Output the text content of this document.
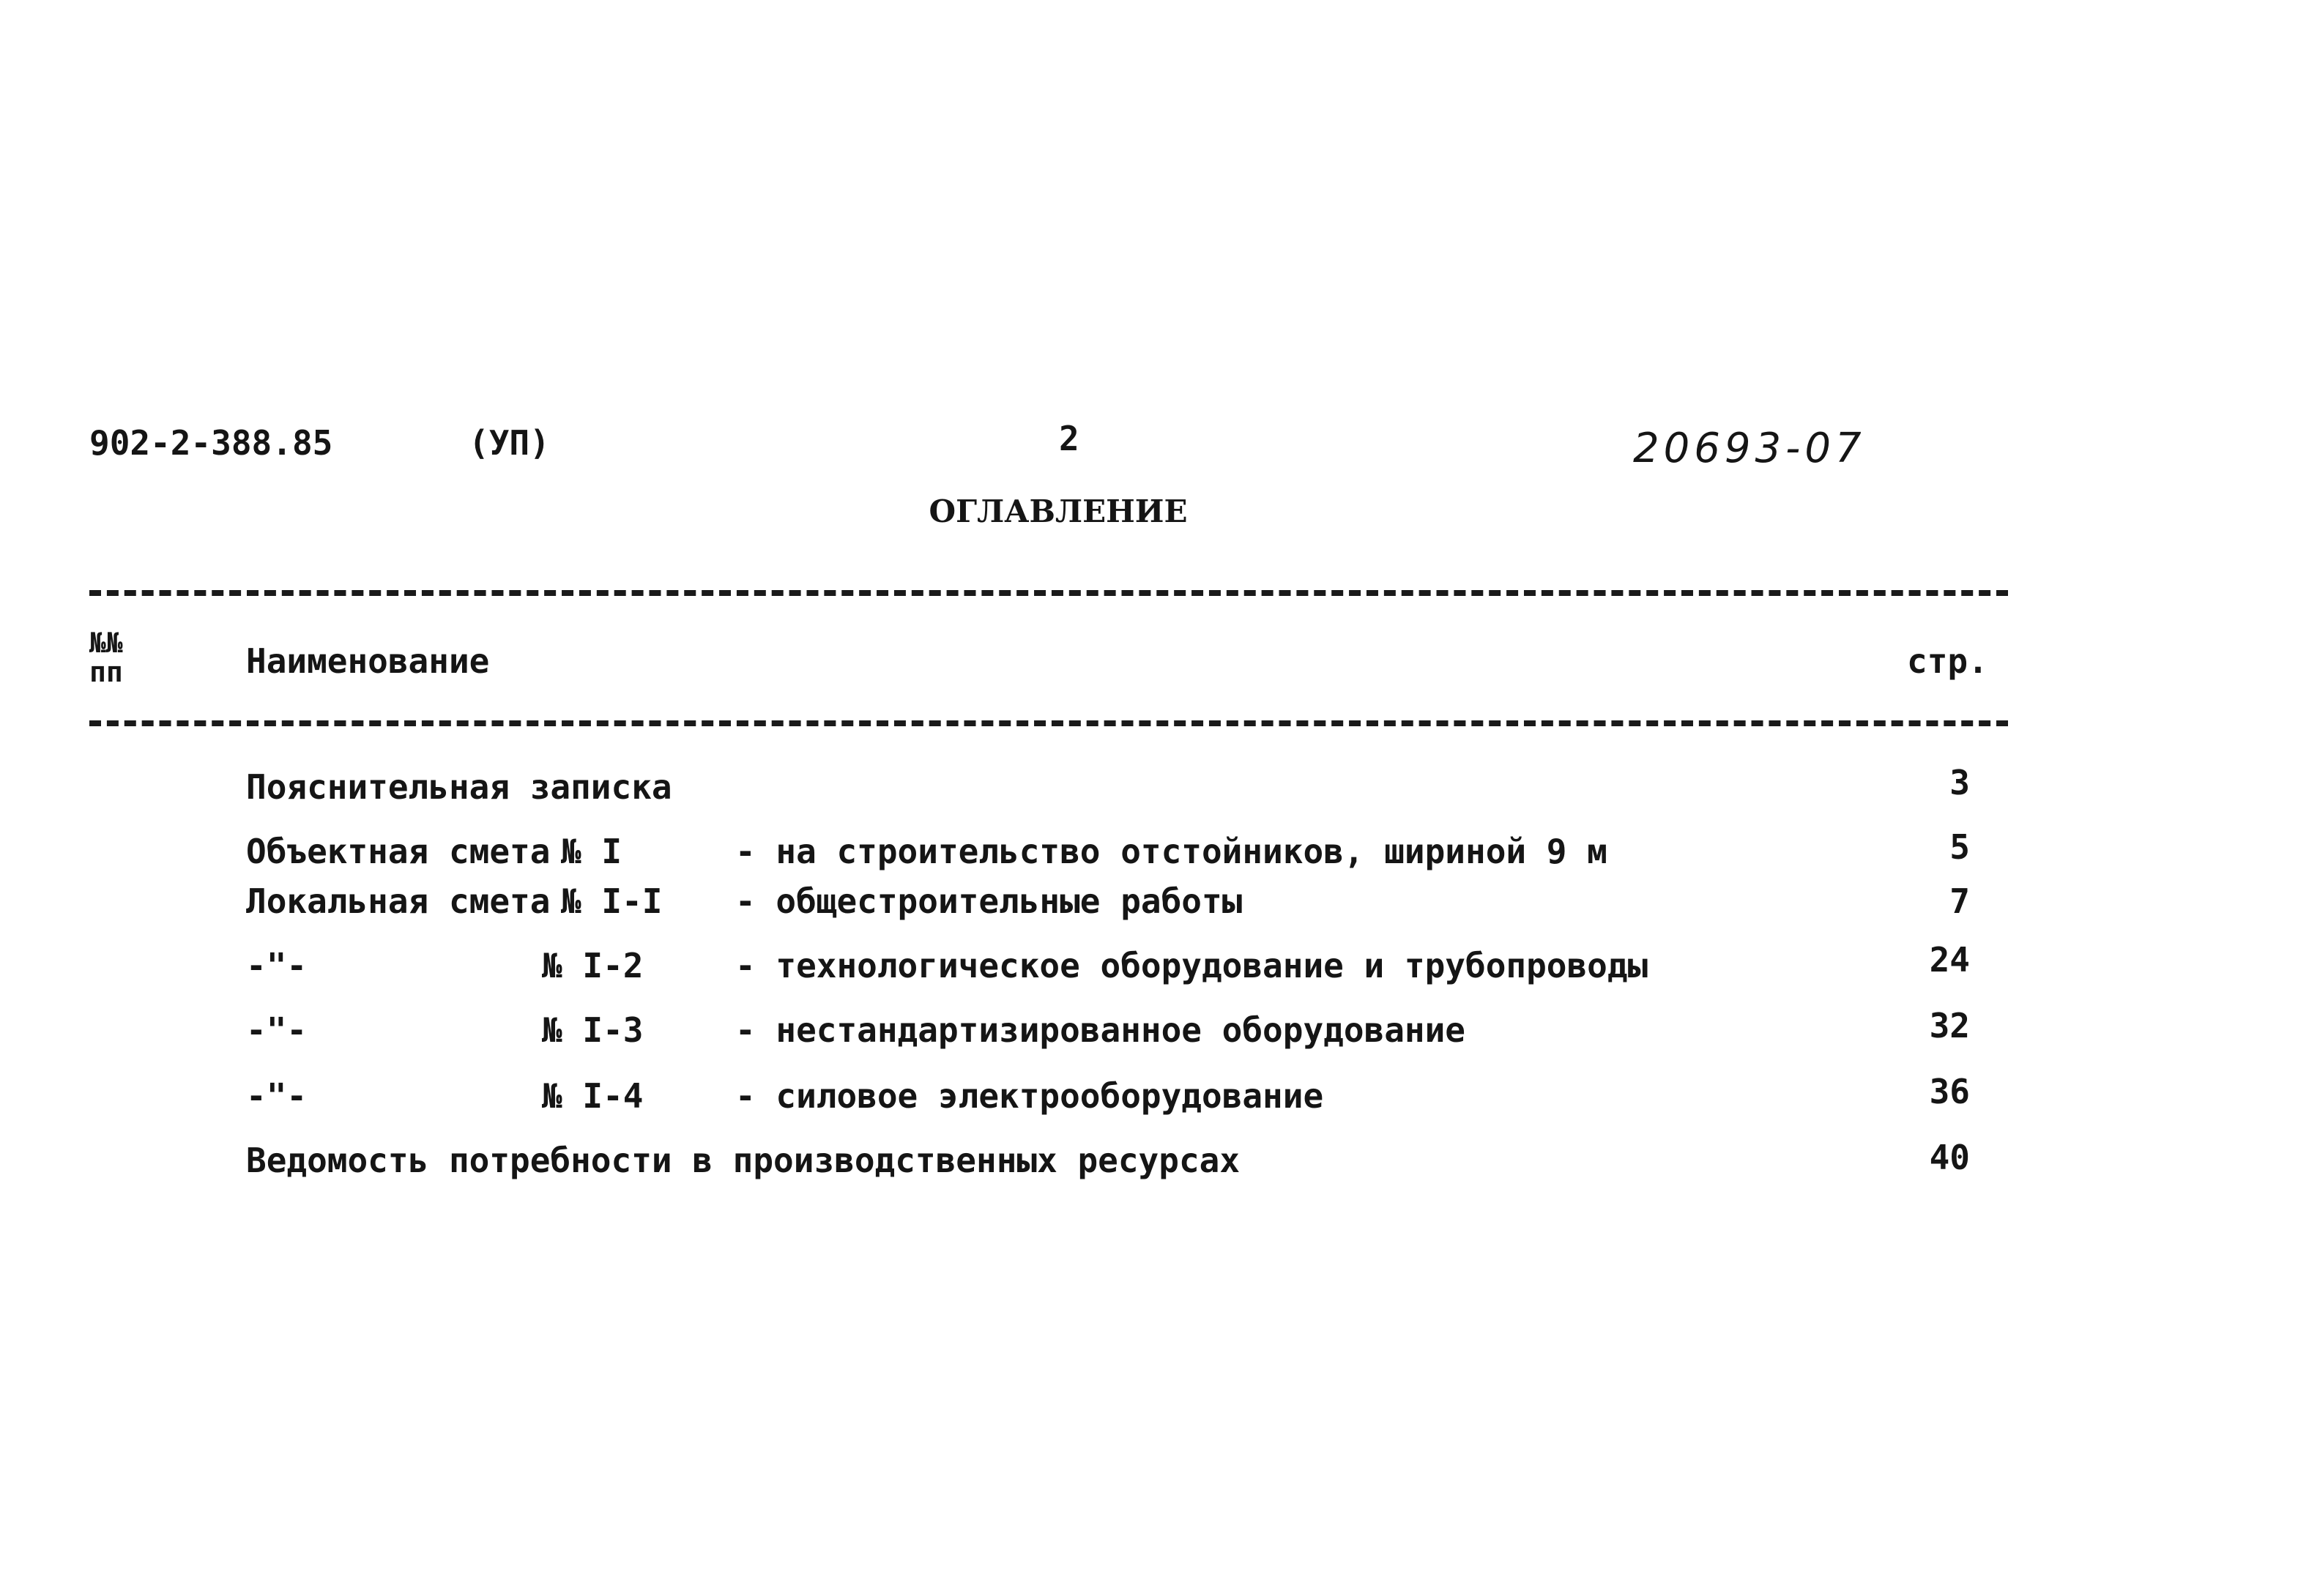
902-2-388.85	(УП)	2	20693-07
ОГЛАВЛЕНИЕ
№№ пп	Наименование	стр.
Пояснительная записка	3
Объектная смета № I	- на строительство отстойников, шириной 9 м	5
Локальная смета № I-I - общестроительные работы	7
-"-	№ I-2	- технологическое оборудование и трубопроводы	24
-"-	№ I-3	- нестандартизированное оборудование	32
-"-	№ I-4	- силовое электрооборудование	36
Ведомость потребности в производственных ресурсах	40
